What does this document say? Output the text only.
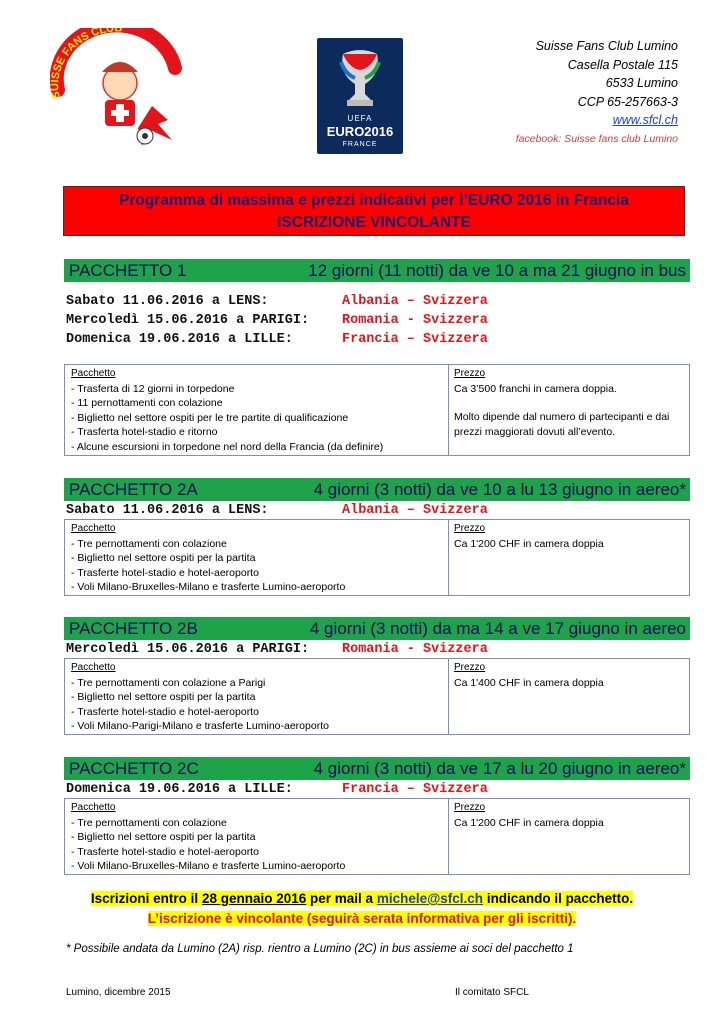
SUISSE FANS CLUB
UEFA
EURO2016
FRANCE
Suisse Fans Club Lumino
Casella Postale 115
6533 Lumino
CCP 65-257663-3
www.sfcl.ch
facebook: Suisse fans club Lumino
Programma di massima e prezzi indicativi per l’EURO 2016 in Francia
ISCRIZIONE VINCOLANTE
PACCHETTO 1	12 giorni (11 notti) da ve 10 a ma 21 giugno in bus
Sabato 11.06.2016 a LENS:	Albania – Svizzera
Mercoledì 15.06.2016 a PARIGI: Romania - Svizzera
Domenica 19.06.2016 a LILLE:	Francia – Svizzera
Pacchetto
- Trasferta di 12 giorni in torpedone
- 11 pernottamenti con colazione
- Biglietto nel settore ospiti per le tre partite di qualificazione
- Trasferta hotel-stadio e ritorno
- Alcune escursioni in torpedone nel nord della Francia (da definire)
Prezzo
Ca 3’500 franchi in camera doppia.
Molto dipende dal numero di partecipanti e dai prezzi maggiorati dovuti all’evento.
PACCHETTO 2A	4 giorni (3 notti) da ve 10 a lu 13 giugno in aereo*
Sabato 11.06.2016 a LENS:	Albania – Svizzera
Pacchetto
- Tre pernottamenti con colazione
- Biglietto nel settore ospiti per la partita
- Trasferte hotel-stadio e hotel-aeroporto
- Voli Milano-Bruxelles-Milano e trasferte Lumino-aeroporto
Prezzo
Ca 1'200 CHF in camera doppia
PACCHETTO 2B	4 giorni (3 notti) da ma 14 a ve 17 giugno in aereo
Mercoledì 15.06.2016 a PARIGI: Romania - Svizzera
Pacchetto
- Tre pernottamenti con colazione a Parigi
- Biglietto nel settore ospiti per la partita
- Trasferte hotel-stadio e hotel-aeroporto
- Voli Milano-Parigi-Milano e trasferte Lumino-aeroporto
Prezzo
Ca 1'400 CHF in camera doppia
PACCHETTO 2C	4 giorni (3 notti) da ve 17 a lu 20 giugno in aereo*
Domenica 19.06.2016 a LILLE:	Francia – Svizzera
Pacchetto
- Tre pernottamenti con colazione
- Biglietto nel settore ospiti per la partita
- Trasferte hotel-stadio e hotel-aeroporto
- Voli Milano-Bruxelles-Milano e trasferte Lumino-aeroporto
Prezzo
Ca 1'200 CHF in camera doppia
Iscrizioni entro il 28 gennaio 2016 per mail a michele@sfcl.ch indicando il pacchetto.
L’iscrizione è vincolante (seguirà serata informativa per gli iscritti).
* Possibile andata da Lumino (2A) risp. rientro a Lumino (2C) in bus assieme ai soci del pacchetto 1
Lumino, dicembre 2015	Il comitato SFCL
